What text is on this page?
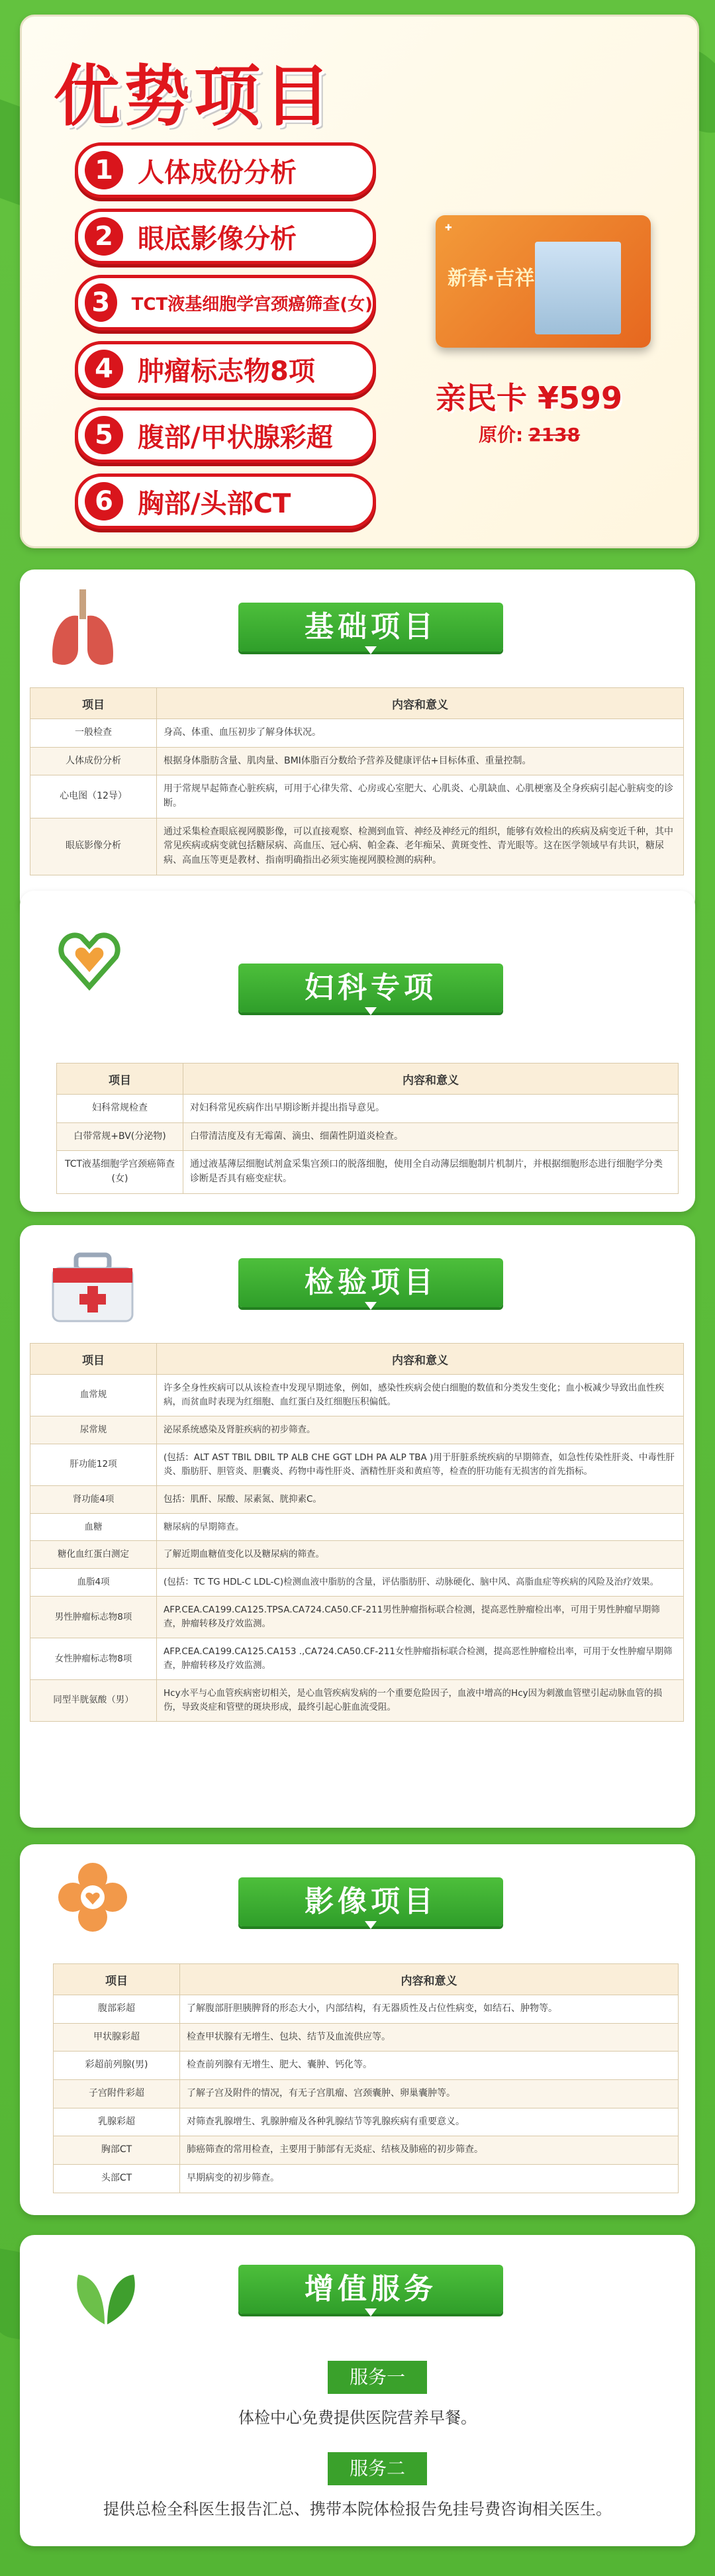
优势项目
1 人体成份分析
2 眼底影像分析
3	TCT液基细胞学宫颈癌筛查(女)
4 肿瘤标志物8项
5 腹部/甲状腺彩超
6 胸部/头部CT
✚
新春·吉祥
亲民卡 ¥599
原价: 2138
基础项目
项目	内容和意义
一般检查	身高、体重、血压初步了解身体状况。
人体成份分析	根据身体脂肪含量、肌肉量、BMI体脂百分数给予营养及健康评估+目标体重、重量控制。
心电图（12导）	用于常规早起筛查心脏疾病，可用于心律失常、心房或心室肥大、心肌炎、心肌缺血、心肌梗塞及全身疾病引起心脏病变的诊断。
眼底影像分析	通过采集检查眼底视网膜影像，可以直接观察、检测到血管、神经及神经元的组织，能够有效检出的疾病及病变近千种，其中常见疾病或病变就包括糖尿病、高血压、冠心病、帕金森、老年痴呆、黄斑变性、青光眼等。这在医学领域早有共识，糖尿病、高血压等更是教材、指南明确指出必须实施视网膜检测的病种。
妇科专项
项目	内容和意义
妇科常规检查	对妇科常见疾病作出早期诊断并提出指导意见。
白带常规+BV(分泌物)	白带清洁度及有无霉菌、滴虫、细菌性阴道炎检查。
TCT液基细胞学宫颈癌筛查(女)	通过液基薄层细胞试剂盒采集宫颈口的脱落细胞，使用全自动薄层细胞制片机制片，并根据细胞形态进行细胞学分类诊断是否具有癌变症状。
检验项目
项目	内容和意义
血常规	许多全身性疾病可以从该检查中发现早期迹象，例如，感染性疾病会使白细胞的数值和分类发生变化；血小板减少导致出血性疾病，而贫血时表现为红细胞、血红蛋白及红细胞压积偏低。
尿常规	泌尿系统感染及肾脏疾病的初步筛查。
肝功能12项	(包括：ALT AST TBIL DBIL TP ALB CHE GGT LDH PA ALP TBA )用于肝脏系统疾病的早期筛查，如急性传染性肝炎、中毒性肝炎、脂肪肝、胆管炎、胆囊炎、药物中毒性肝炎、酒精性肝炎和黄疸等，检查的肝功能有无损害的首先指标。
肾功能4项	包括：肌酐、尿酸、尿素氮、胱抑素C。
血糖	糖尿病的早期筛查。
糖化血红蛋白测定	了解近期血糖值变化以及糖尿病的筛查。
血脂4项	(包括：TC TG HDL-C LDL-C)检测血液中脂肪的含量，评估脂肪肝、动脉硬化、脑中风、高脂血症等疾病的风险及治疗效果。
男性肿瘤标志物8项	AFP.CEA.CA199.CA125.TPSA.CA724.CA50.CF-211男性肿瘤指标联合检测，提高恶性肿瘤检出率，可用于男性肿瘤早期筛查，肿瘤转移及疗效监测。
女性肿瘤标志物8项	AFP.CEA.CA199.CA125.CA153 .,CA724.CA50.CF-211女性肿瘤指标联合检测，提高恶性肿瘤检出率，可用于女性肿瘤早期筛查，肿瘤转移及疗效监测。
同型半胱氨酸（男）	Hcy水平与心血管疾病密切相关，是心血管疾病发病的一个重要危险因子，血液中增高的Hcy因为刺激血管壁引起动脉血管的损伤，导致炎症和管壁的斑块形成，最终引起心脏血流受阻。
影像项目
项目	内容和意义
腹部彩超	了解腹部肝胆胰脾肾的形态大小，内部结构，有无器质性及占位性病变，如结石、肿物等。
甲状腺彩超	检查甲状腺有无增生、包块、结节及血流供应等。
彩超前列腺(男)	检查前列腺有无增生、肥大、囊肿、钙化等。
子宫附件彩超	了解子宫及附件的情况，有无子宫肌瘤、宫颈囊肿、卵巢囊肿等。
乳腺彩超	对筛查乳腺增生、乳腺肿瘤及各种乳腺结节等乳腺疾病有重要意义。
胸部CT	肺癌筛查的常用检查，主要用于肺部有无炎症、结核及肺癌的初步筛查。
头部CT	早期病变的初步筛查。
增值服务
服务一
体检中心免费提供医院营养早餐。
服务二
提供总检全科医生报告汇总、携带本院体检报告免挂号费咨询相关医生。
